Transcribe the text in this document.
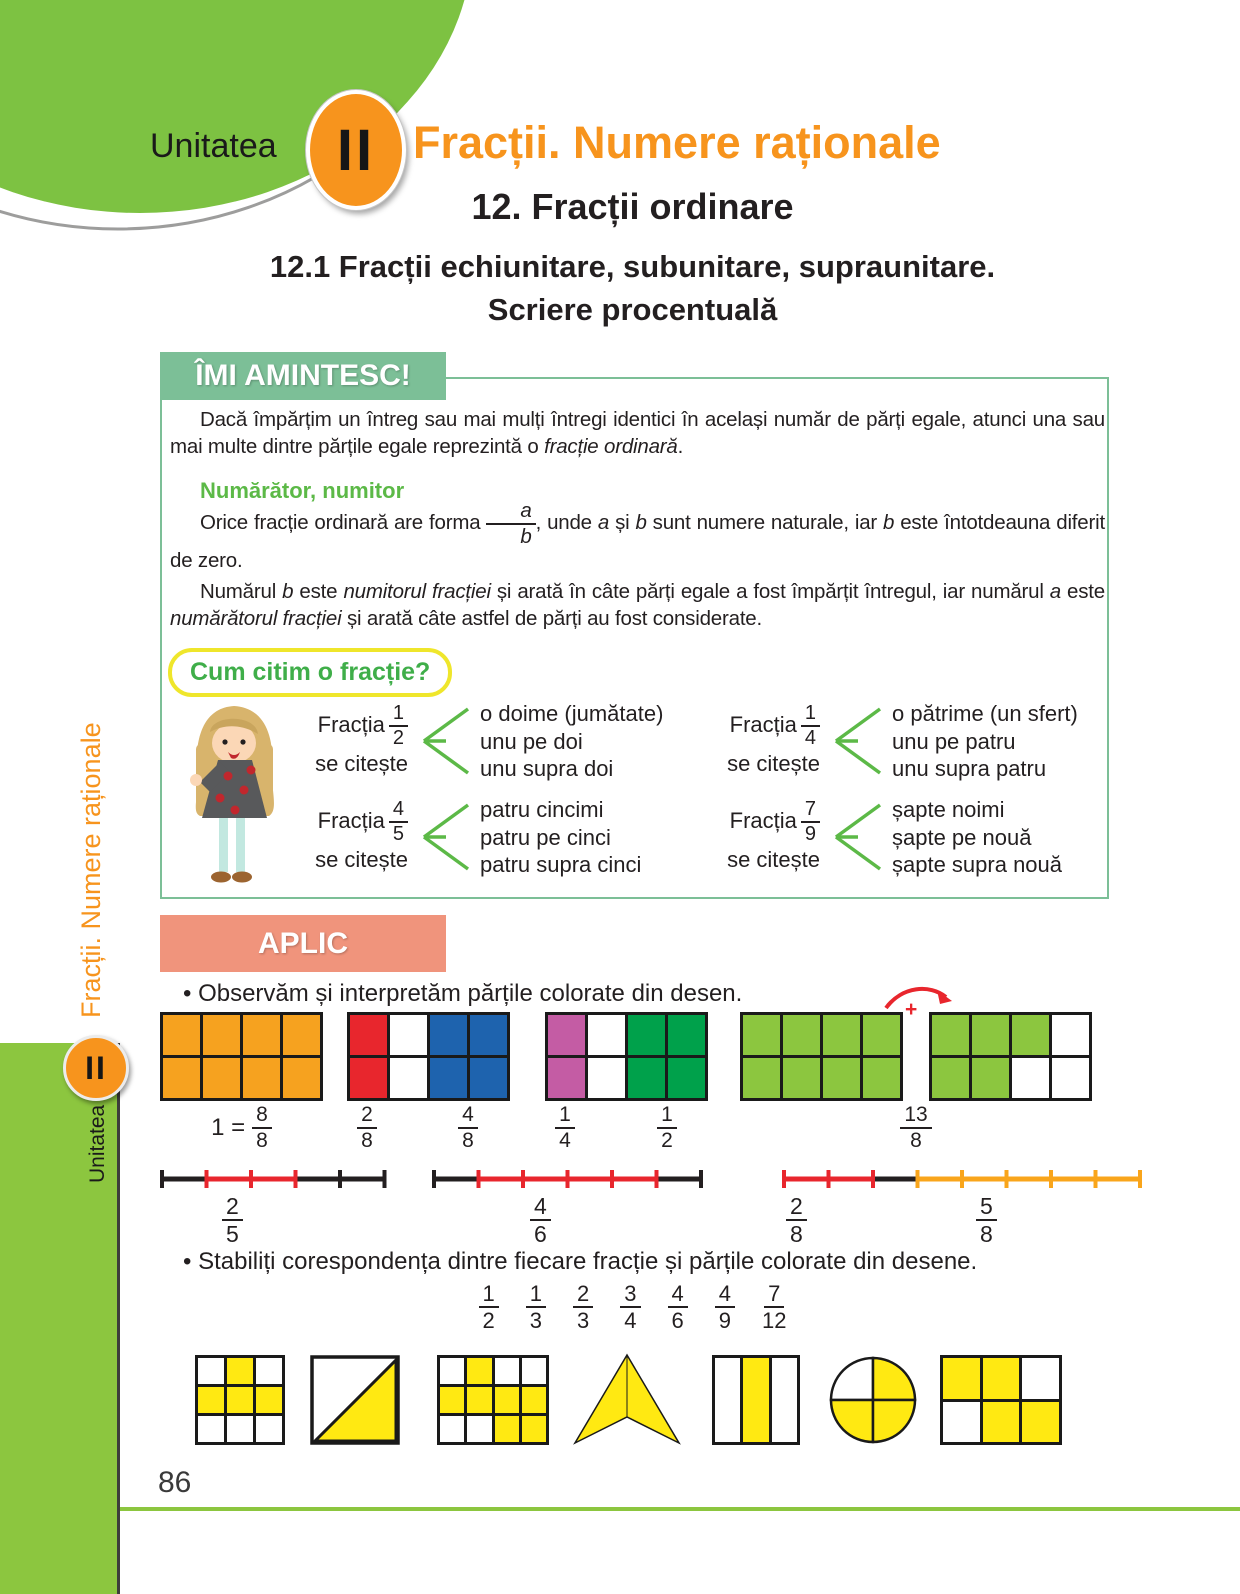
Unitatea II Fracții. Numere raționale
12. Fracții ordinare
12.1 Fracții echiunitare, subunitare, supraunitare.
Scriere procentuală
ÎMI AMINTESC!
Dacă împărțim un întreg sau mai mulți întregi identici în același număr de părți egale, atunci una sau mai multe dintre părțile egale reprezintă o fracție ordinară.
Numărător, numitor
Orice fracție ordinară are forma $\frac{a}{b}$ , unde a și b sunt numere naturale, iar b este întotdeauna diferit de zero.
Numărul b este numitorul fracției și arată în câte părți egale a fost împărțit întregul, iar numărul a este numărătorul fracției și arată câte astfel de părți au fost considerate.
Cum citim o fracție?
Fracția $\frac{1}{2}$
se citește
o doime (jumătate)
unu pe doi
unu supra doi
Fracția $\frac{4}{5}$
se citește
patru cincimi
patru pe cinci
patru supra cinci
Fracția $\frac{1}{4}$
se citește
o pătrime (un sfert)
unu pe patru
unu supra patru
Fracția $\frac{7}{9}$
se citește
șapte noimi
șapte pe nouă
șapte supra nouă
APLIC
• Observăm și interpretăm părțile colorate din desen.
+
$1 = \frac{8}{8}$	$\frac{2}{8}$	$\frac{4}{8}$	$\frac{1}{4}$	$\frac{1}{2}$	$\frac{13}{8}$
$\frac{2}{5}$	$\frac{4}{6}$	$\frac{2}{8}$	$\frac{5}{8}$
• Stabiliți corespondența dintre fiecare fracție și părțile colorate din desene.
$\frac{1}{2} \frac{1}{3} \frac{2}{3} \frac{3}{4} \frac{4}{6} \frac{4}{9} \frac{7}{12}$
86
Fracții. Numere raționale
II
Unitatea
